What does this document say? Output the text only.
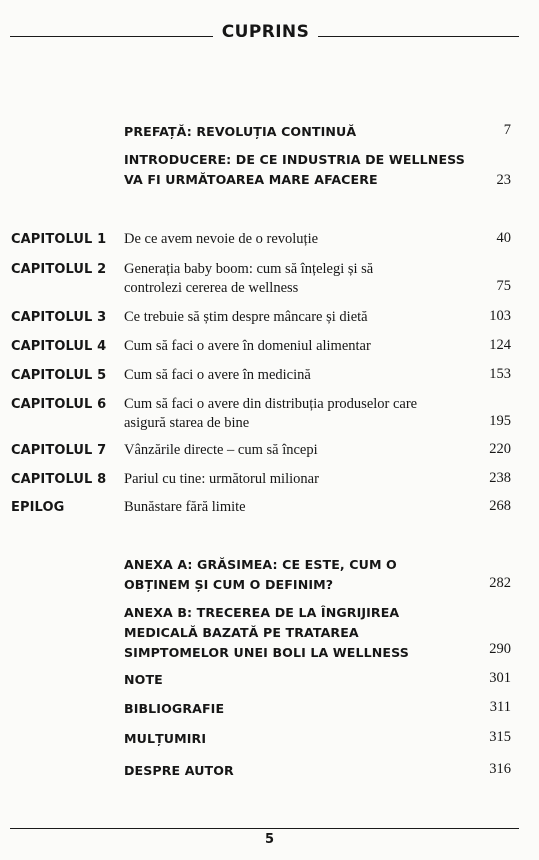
CUPRINS
PREFAȚĂ: REVOLUȚIA CONTINUĂ	7
INTRODUCERE: DE CE INDUSTRIA DE WELLNESS VA FI URMĂTOAREA MARE AFACERE	23
CAPITOLUL 1 De ce avem nevoie de o revoluție	40
CAPITOLUL 2 Generația baby boom: cum să înțelegi și să controlezi cererea de wellness	75
CAPITOLUL 3 Ce trebuie să știm despre mâncare și dietă	103
CAPITOLUL 4 Cum să faci o avere în domeniul alimentar	124
CAPITOLUL 5 Cum să faci o avere în medicină	153
CAPITOLUL 6 Cum să faci o avere din distribuția produselor care asigură starea de bine	195
CAPITOLUL 7 Vânzările directe – cum să începi	220
CAPITOLUL 8 Pariul cu tine: următorul milionar	238
EPILOG	Bunăstare fără limite	268
ANEXA A: GRĂSIMEA: CE ESTE, CUM O OBȚINEM ȘI CUM O DEFINIM?	282
ANEXA B: TRECEREA DE LA ÎNGRIJIREA MEDICALĂ BAZATĂ PE TRATAREA SIMPTOMELOR UNEI BOLI LA WELLNESS	290
NOTE	301
BIBLIOGRAFIE	311
MULȚUMIRI	315
DESPRE AUTOR	316
5
